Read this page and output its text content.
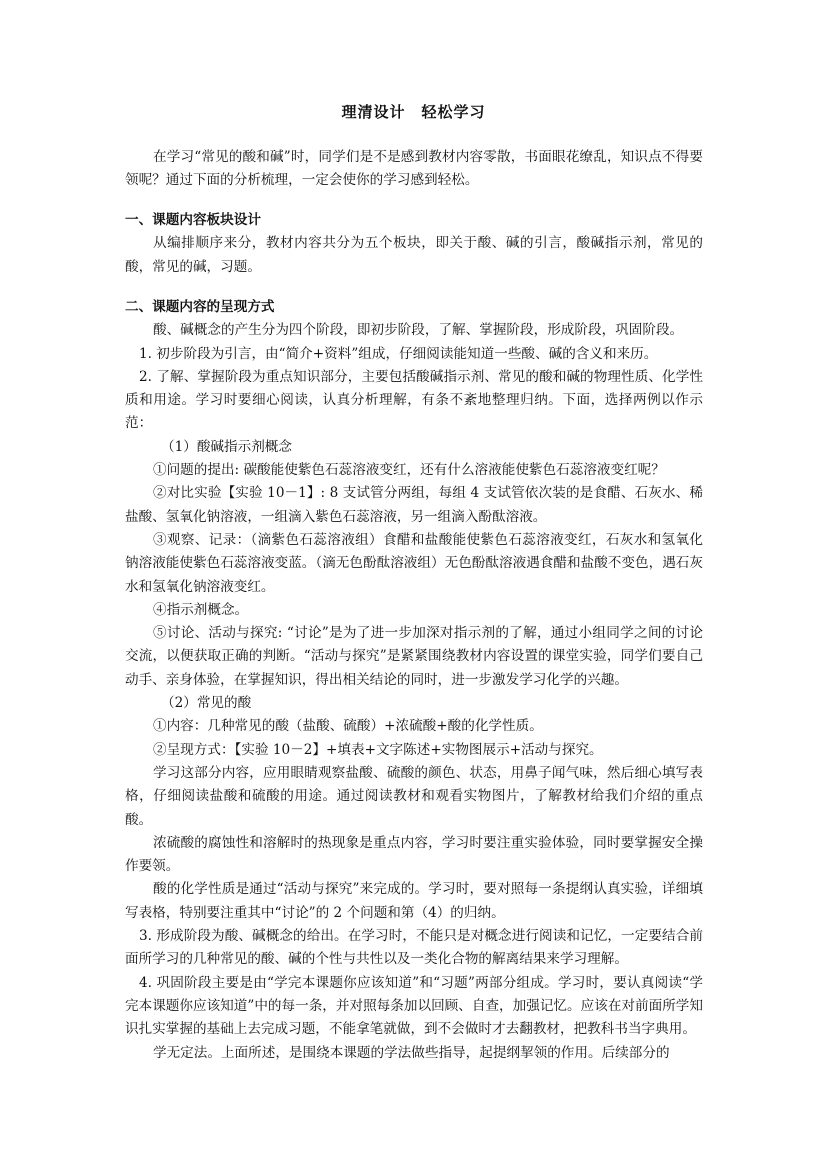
理清设计　轻松学习

在学习“常见的酸和碱”时，同学们是不是感到教材内容零散，书面眼花缭乱，知识点不得要领呢？通过下面的分析梳理，一定会使你的学习感到轻松。

一、课题内容板块设计

从编排顺序来分，教材内容共分为五个板块，即关于酸、碱的引言，酸碱指示剂，常见的酸，常见的碱，习题。

二、课题内容的呈现方式

酸、碱概念的产生分为四个阶段，即初步阶段，了解、掌握阶段，形成阶段，巩固阶段。

1. 初步阶段为引言，由“简介+资料”组成，仔细阅读能知道一些酸、碱的含义和来历。

2. 了解、掌握阶段为重点知识部分，主要包括酸碱指示剂、常见的酸和碱的物理性质、化学性质和用途。学习时要细心阅读，认真分析理解，有条不紊地整理归纳。下面，选择两例以作示范：

（1）酸碱指示剂概念

①问题的提出: 碳酸能使紫色石蕊溶液变红，还有什么溶液能使紫色石蕊溶液变红呢？

②对比实验【实验 10－1】: 8 支试管分两组，每组 4 支试管依次装的是食醋、石灰水、稀盐酸、氢氧化钠溶液，一组滴入紫色石蕊溶液，另一组滴入酚酞溶液。

③观察、记录：（滴紫色石蕊溶液组）食醋和盐酸能使紫色石蕊溶液变红，石灰水和氢氧化钠溶液能使紫色石蕊溶液变蓝。（滴无色酚酞溶液组）无色酚酞溶液遇食醋和盐酸不变色，遇石灰水和氢氧化钠溶液变红。

④指示剂概念。

⑤讨论、活动与探究: “讨论”是为了进一步加深对指示剂的了解，通过小组同学之间的讨论交流，以便获取正确的判断。“活动与探究”是紧紧围绕教材内容设置的课堂实验，同学们要自己动手、亲身体验，在掌握知识，得出相关结论的同时，进一步激发学习化学的兴趣。

（2）常见的酸

①内容：几种常见的酸（盐酸、硫酸）+浓硫酸+酸的化学性质。

②呈现方式：【实验 10－2】+填表+文字陈述+实物图展示+活动与探究。

学习这部分内容，应用眼睛观察盐酸、硫酸的颜色、状态，用鼻子闻气味，然后细心填写表格，仔细阅读盐酸和硫酸的用途。通过阅读教材和观看实物图片，了解教材给我们介绍的重点酸。

浓硫酸的腐蚀性和溶解时的热现象是重点内容，学习时要注重实验体验，同时要掌握安全操作要领。

酸的化学性质是通过“活动与探究”来完成的。学习时，要对照每一条提纲认真实验，详细填写表格，特别要注重其中“讨论”的 2 个问题和第（4）的归纳。

3. 形成阶段为酸、碱概念的给出。在学习时，不能只是对概念进行阅读和记忆，一定要结合前面所学习的几种常见的酸、碱的个性与共性以及一类化合物的解离结果来学习理解。

4. 巩固阶段主要是由“学完本课题你应该知道”和“习题”两部分组成。学习时，要认真阅读“学完本课题你应该知道”中的每一条，并对照每条加以回顾、自查，加强记忆。应该在对前面所学知识扎实掌握的基础上去完成习题，不能拿笔就做，到不会做时才去翻教材，把教科书当字典用。

学无定法。上面所述，是围绕本课题的学法做些指导，起提纲挈领的作用。后续部分的
